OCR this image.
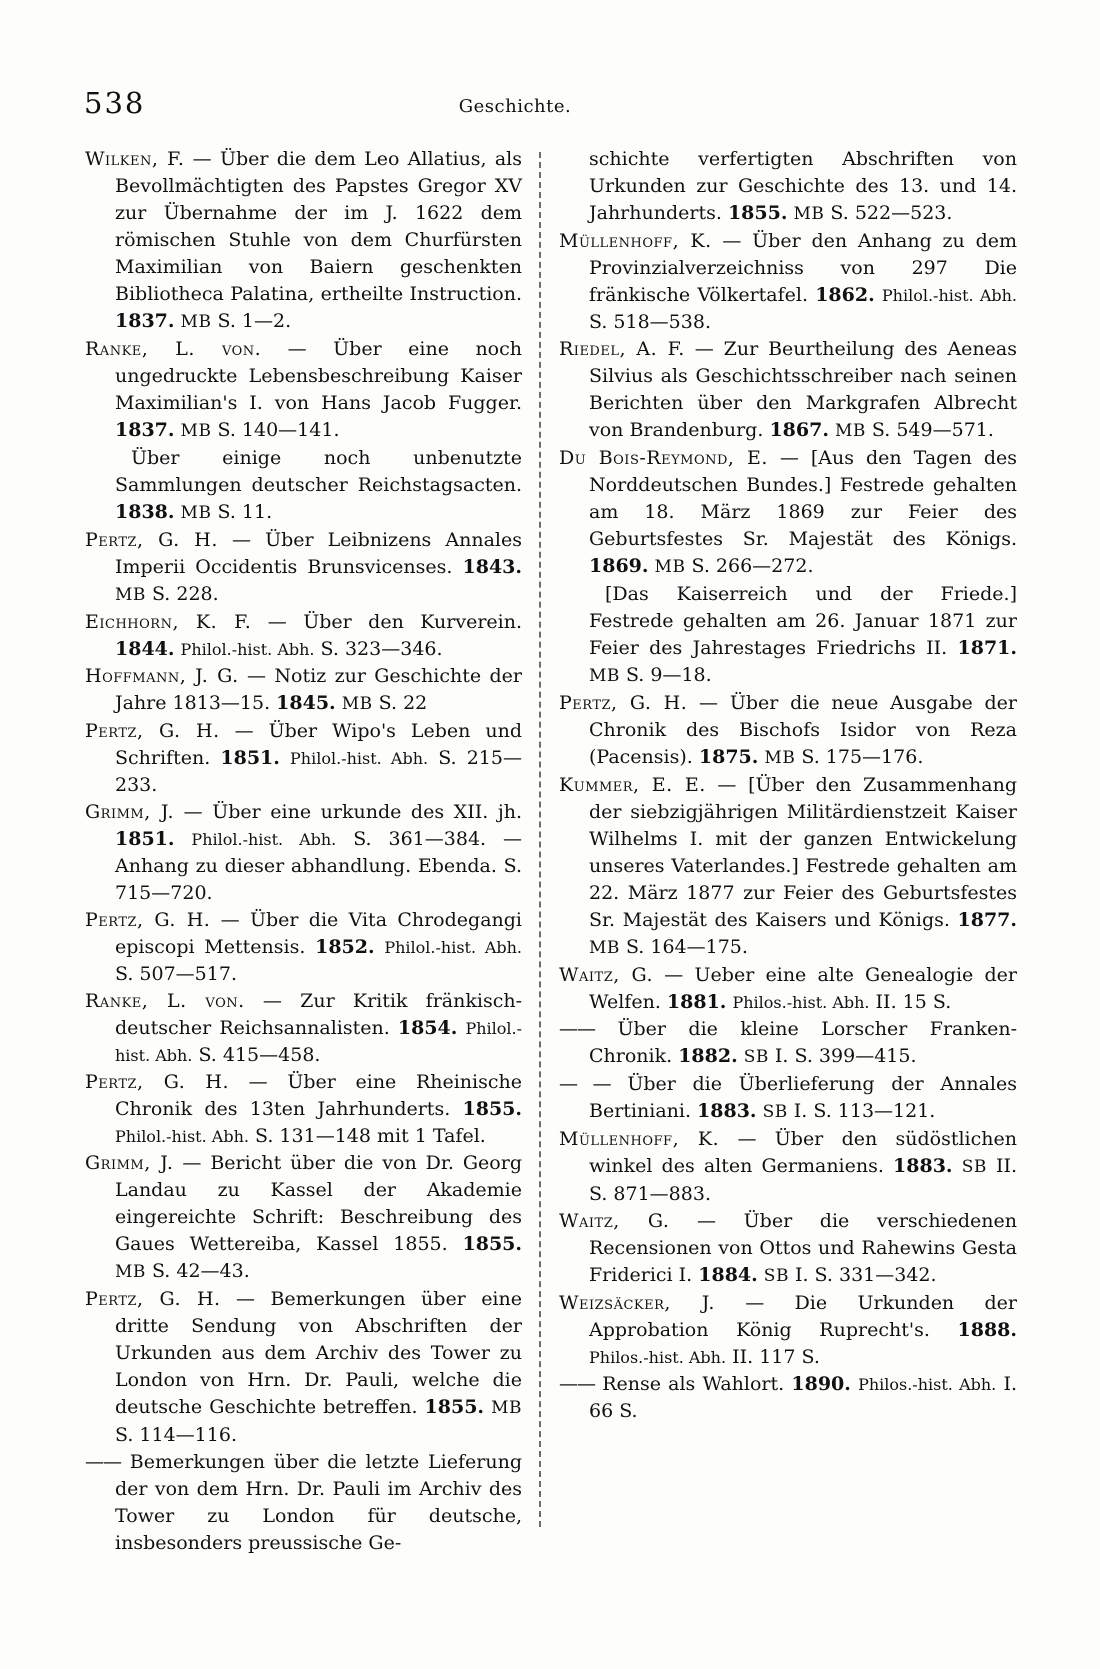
538	Geschichte.
Wilken, F. — Über die dem Leo Allatius, als Bevollmächtigten des Papstes Gregor XV zur Übernahme der im J. 1622 dem römischen Stuhle von dem Churfürsten Maximilian von Baiern geschenkten Bibliotheca Palatina, ertheilte Instruction. 1837. MB S. 1—2.
Ranke, L. von. — Über eine noch ungedruckte Lebensbeschreibung Kaiser Maximilian's I. von Hans Jacob Fugger. 1837. MB S. 140—141.
Über einige noch unbenutzte Sammlungen deutscher Reichstagsacten. 1838. MB S. 11.
Pertz, G. H. — Über Leibnizens Annales Imperii Occidentis Brunsvicenses. 1843. MB S. 228.
Eichhorn, K. F. — Über den Kurverein. 1844. Philol.-hist. Abh. S. 323—346.
Hoffmann, J. G. — Notiz zur Geschichte der Jahre 1813—15. 1845. MB S. 22
Pertz, G. H. — Über Wipo's Leben und Schriften. 1851. Philol.-hist. Abh. S. 215—233.
Grimm, J. — Über eine urkunde des XII. jh. 1851. Philol.-hist. Abh. S. 361—384. — Anhang zu dieser abhandlung. Ebenda. S. 715—720.
Pertz, G. H. — Über die Vita Chrodegangi episcopi Mettensis. 1852. Philol.-hist. Abh. S. 507—517.
Ranke, L. von. — Zur Kritik fränkisch-deutscher Reichsannalisten. 1854. Philol.-hist. Abh. S. 415—458.
Pertz, G. H. — Über eine Rheinische Chronik des 13ten Jahrhunderts. 1855. Philol.-hist. Abh. S. 131—148 mit 1 Tafel.
Grimm, J. — Bericht über die von Dr. Georg Landau zu Kassel der Akademie eingereichte Schrift: Beschreibung des Gaues Wettereiba, Kassel 1855. 1855. MB S. 42—43.
Pertz, G. H. — Bemerkungen über eine dritte Sendung von Abschriften der Urkunden aus dem Archiv des Tower zu London von Hrn. Dr. Pauli, welche die deutsche Geschichte betreffen. 1855. MB S. 114—116.
—— Bemerkungen über die letzte Lieferung der von dem Hrn. Dr. Pauli im Archiv des Tower zu London für deutsche, insbesonders preussische Ge-
schichte verfertigten Abschriften von Urkunden zur Geschichte des 13. und 14. Jahrhunderts. 1855. MB S. 522—523.
Müllenhoff, K. — Über den Anhang zu dem Provinzialverzeichniss von 297 Die fränkische Völkertafel. 1862. Philol.-hist. Abh. S. 518—538.
Riedel, A. F. — Zur Beurtheilung des Aeneas Silvius als Geschichtsschreiber nach seinen Berichten über den Markgrafen Albrecht von Brandenburg. 1867. MB S. 549—571.
Du Bois-Reymond, E. — [Aus den Tagen des Norddeutschen Bundes.] Festrede gehalten am 18. März 1869 zur Feier des Geburtsfestes Sr. Majestät des Königs. 1869. MB S. 266—272.
[Das Kaiserreich und der Friede.] Festrede gehalten am 26. Januar 1871 zur Feier des Jahrestages Friedrichs II. 1871. MB S. 9—18.
Pertz, G. H. — Über die neue Ausgabe der Chronik des Bischofs Isidor von Reza (Pacensis). 1875. MB S. 175—176.
Kummer, E. E. — [Über den Zusammenhang der siebzigjährigen Militärdienstzeit Kaiser Wilhelms I. mit der ganzen Entwickelung unseres Vaterlandes.] Festrede gehalten am 22. März 1877 zur Feier des Geburtsfestes Sr. Majestät des Kaisers und Königs. 1877. MB S. 164—175.
Waitz, G. — Ueber eine alte Genealogie der Welfen. 1881. Philos.-hist. Abh. II. 15 S.
—— Über die kleine Lorscher Franken-Chronik. 1882. SB I. S. 399—415.
— — Über die Überlieferung der Annales Bertiniani. 1883. SB I. S. 113—121.
Müllenhoff, K. — Über den südöstlichen winkel des alten Germaniens. 1883. SB II. S. 871—883.
Waitz, G. — Über die verschiedenen Recensionen von Ottos und Rahewins Gesta Friderici I. 1884. SB I. S. 331—342.
Weizsäcker, J. — Die Urkunden der Approbation König Ruprecht's. 1888. Philos.-hist. Abh. II. 117 S.
—— Rense als Wahlort. 1890. Philos.-hist. Abh. I. 66 S.
